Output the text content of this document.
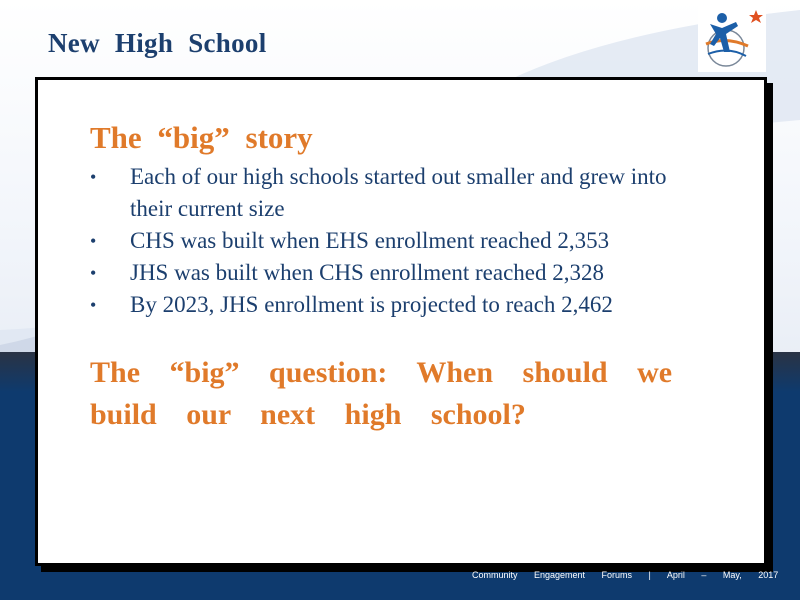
New High School
The “big” story
• Each of our high schools started out smaller and grew into their current size
• CHS was built when EHS enrollment reached 2,353
• JHS was built when CHS enrollment reached 2,328
• By 2023, JHS enrollment is projected to reach 2,462
The “big” question: When should we build our next high school?
Community Engagement Forums | April – May, 2017
